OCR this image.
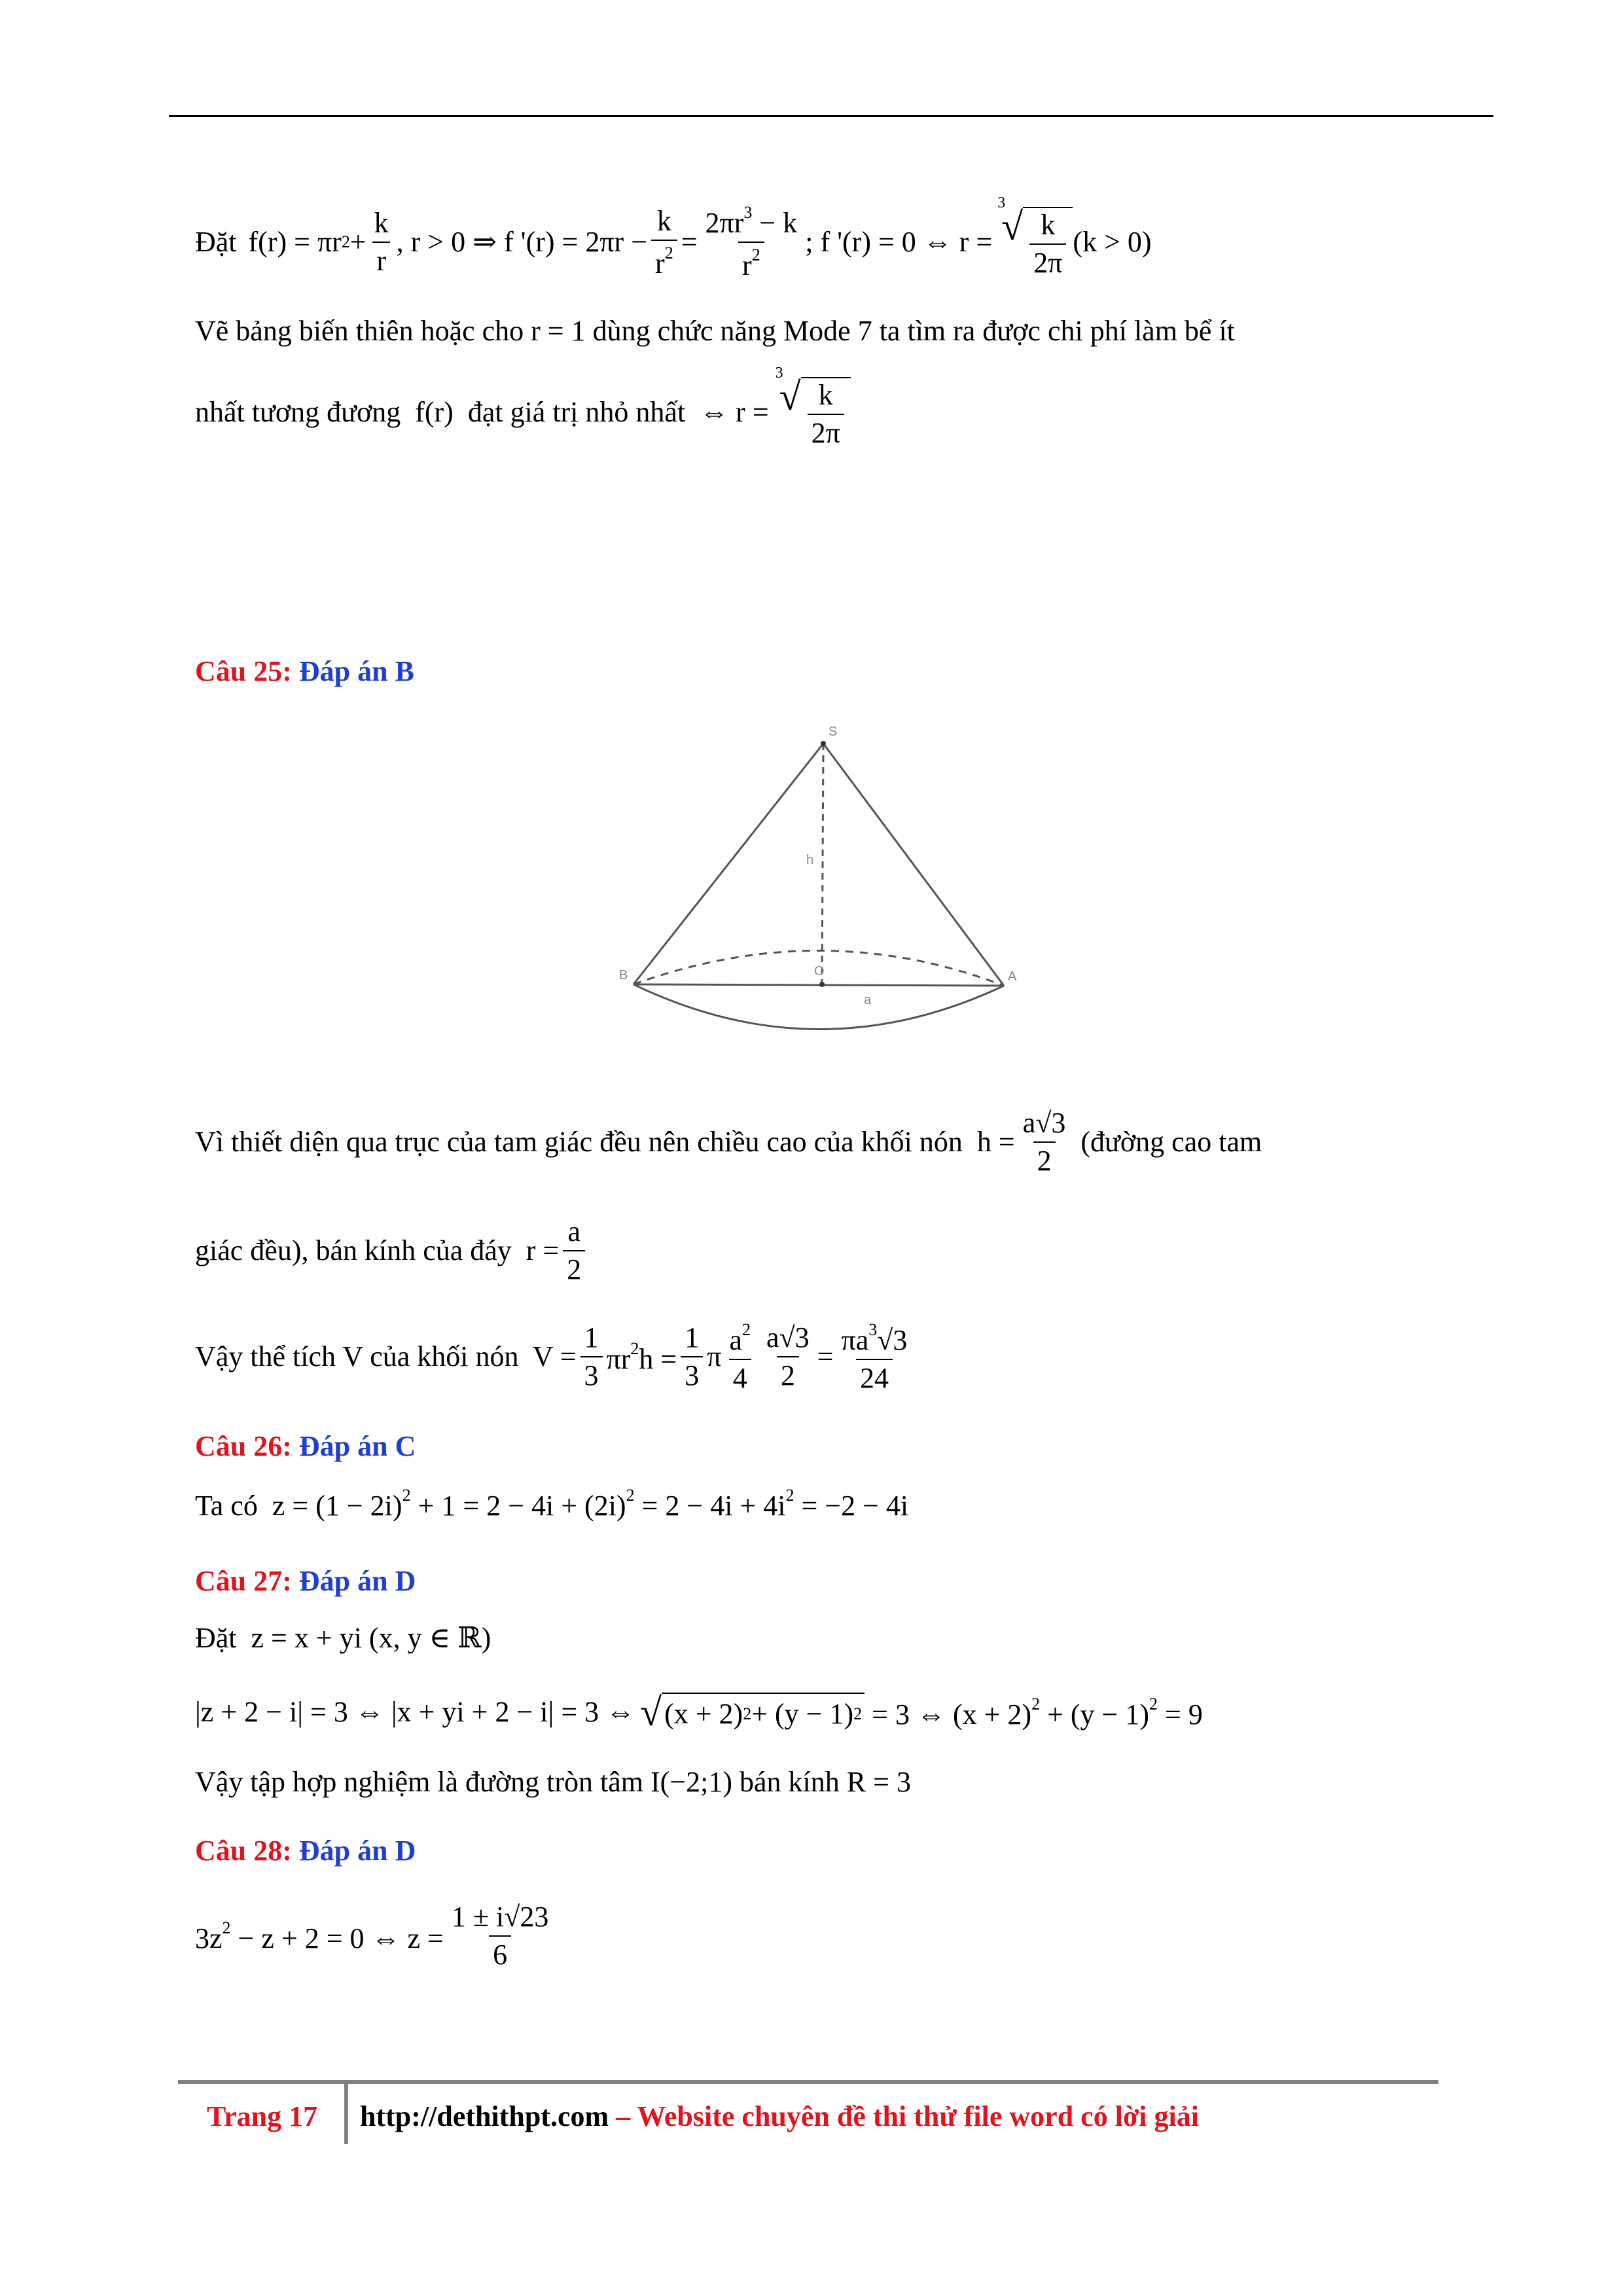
Đặt f(r) = πr $2 + \frac{k}{r}$ , r > 0 ⇒ f '$(r) = 2\pi r - \frac{k}{r^2} = \frac{2\pi r^3 - k}{r^2}$ ; f '(r) = 0 ⇔ r =
3
√ $\frac{k}{2\pi} (k > 0)$
Vẽ bảng biến thiên hoặc cho r = 1 dùng chức năng Mode 7 ta tìm ra được chi phí làm bể ít
nhất tương đương  f(r)  đạt giá trị nhỏ nhất  ⇔ r =
3
√ $\frac{k}{2\pi}$
Câu 25: Đáp án B
S
h
O	A
B
a
Vì thiết diện qua trục của tam giác đều nên chiều cao của khối nón  $h = \frac{a√3}{2}$ (đường cao tam
giác đều), bán kính của đáy  $r = \frac{a}{2}$
Vậy thể tích V của khối nón  $V = \frac{1}{3} \pi r^2h = \frac{1}{3}$ π $\frac{a^2}{4} \frac{a√3}{2} = \frac{\pi a^3√3}{24}$
Câu 26: Đáp án C
Ta có  $z = (1 - 2i)^2 + 1 = 2 - 4i + (2i)^2 = 2 - 4i + 4i^2 = -2 - 4i$
Câu 27: Đáp án D
Đặt  z = x + yi (x, y ∈ ℝ)
|z + 2 − i| = 3 ⇔ |x + yi + 2 − i| = 3 ⇔ √ (x + 2) 2 + (y − 1) 2 = 3 ⇔ $(x + 2)^2 + (y - 1)^2 = 9$
Vậy tập hợp nghiệm là đường tròn tâm I(−2;1) bán kính R = 3
Câu 28: Đáp án D
$3z^2 - z + 2 = 0$ ⇔ $z = \frac{1 \pm i√23}{6}$
Trang 17 http://dethithpt.com – Website chuyên đề thi thử file word có lời giải
